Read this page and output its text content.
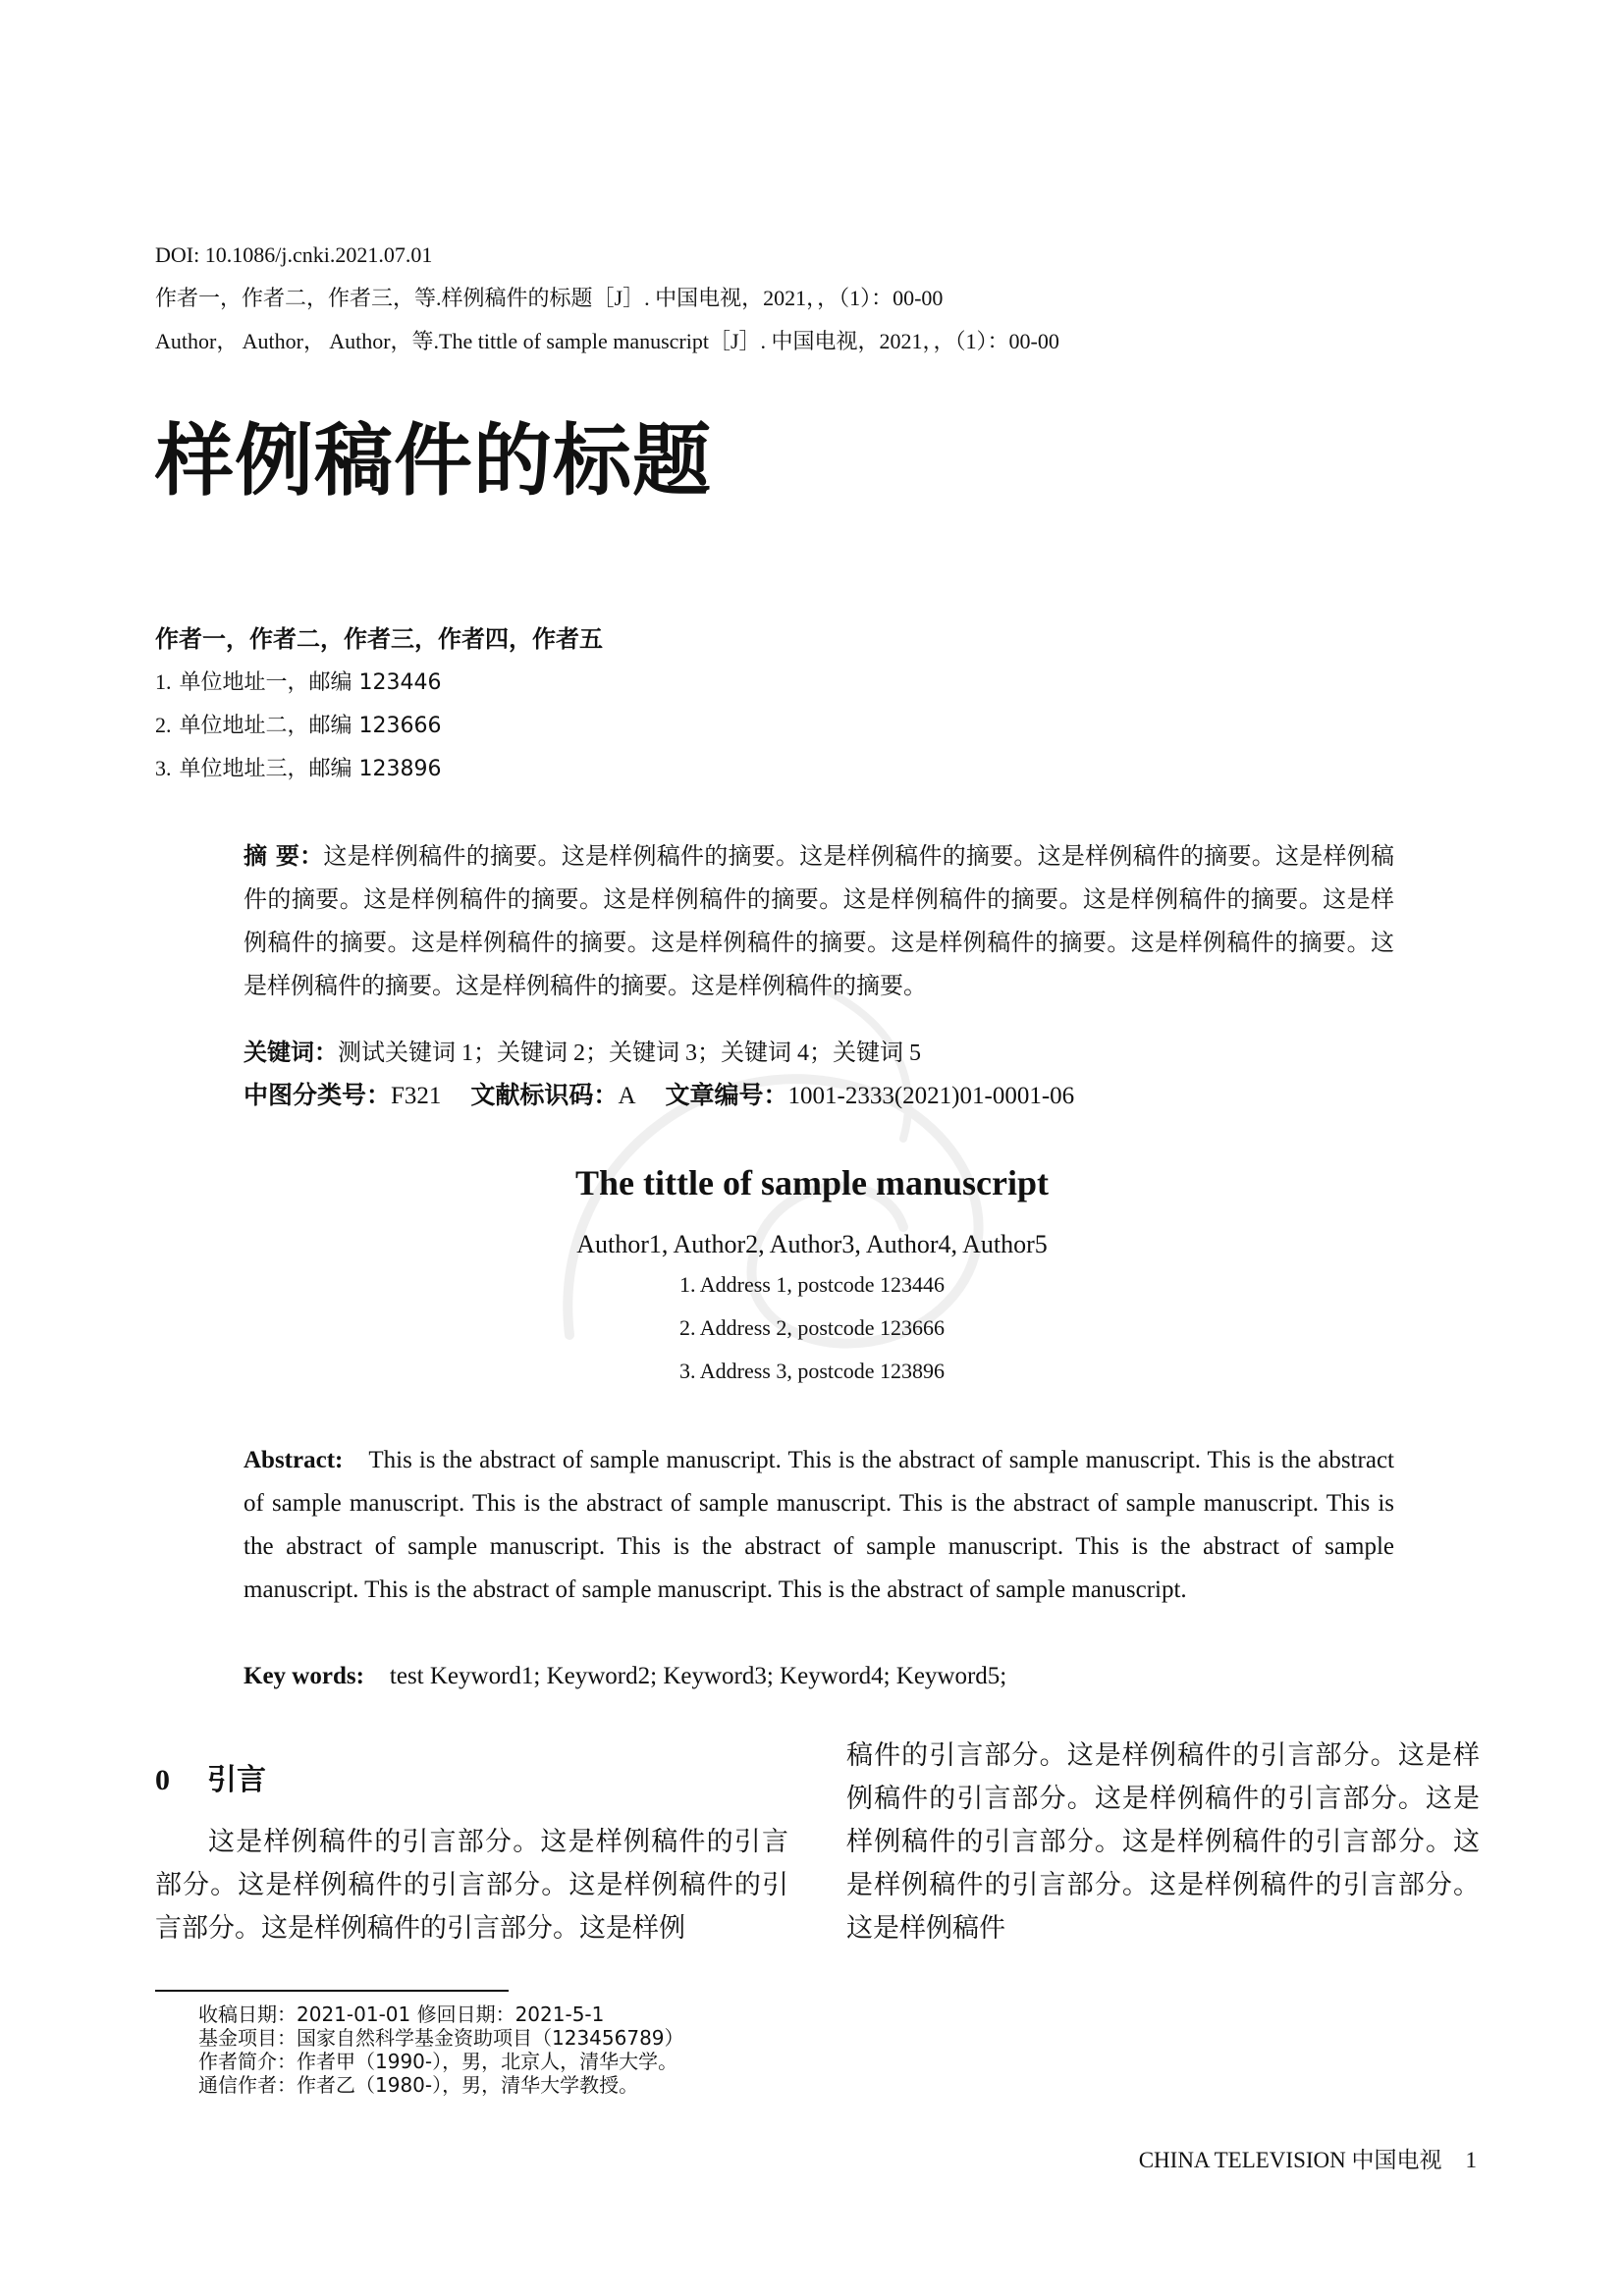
DOI: 10.1086/j.cnki.2021.07.01
作者一，作者二，作者三，等.样例稿件的标题［J］. 中国电视，2021，，（1）：00-00
Author， Author， Author，等.The tittle of sample manuscript［J］. 中国电视，2021，，（1）：00-00
样例稿件的标题
作者一，作者二，作者三，作者四，作者五
1. 单位地址一，邮编 123446
2. 单位地址二，邮编 123666
3. 单位地址三，邮编 123896
摘 要：这是样例稿件的摘要。这是样例稿件的摘要。这是样例稿件的摘要。这是样例稿件的摘要。这是样例稿件的摘要。这是样例稿件的摘要。这是样例稿件的摘要。这是样例稿件的摘要。这是样例稿件的摘要。这是样例稿件的摘要。这是样例稿件的摘要。这是样例稿件的摘要。这是样例稿件的摘要。这是样例稿件的摘要。这是样例稿件的摘要。这是样例稿件的摘要。这是样例稿件的摘要。
关键词：测试关键词 1；关键词 2；关键词 3；关键词 4；关键词 5
中图分类号：F321 文献标识码：A 文章编号：1001-2333(2021)01-0001-06
The tittle of sample manuscript
Author1, Author2, Author3, Author4, Author5
1. Address 1, postcode 123446
2. Address 2, postcode 123666
3. Address 3, postcode 123896
Abstract: This is the abstract of sample manuscript. This is the abstract of sample manuscript. This is the abstract of sample manuscript. This is the abstract of sample manuscript. This is the abstract of sample manuscript. This is the abstract of sample manuscript. This is the abstract of sample manuscript. This is the abstract of sample manuscript. This is the abstract of sample manuscript. This is the abstract of sample manuscript.
Key words: test Keyword1; Keyword2; Keyword3; Keyword4; Keyword5;
0 引言
这是样例稿件的引言部分。这是样例稿件的引言部分。这是样例稿件的引言部分。这是样例稿件的引言部分。这是样例稿件的引言部分。这是样例
稿件的引言部分。这是样例稿件的引言部分。这是样例稿件的引言部分。这是样例稿件的引言部分。这是样例稿件的引言部分。这是样例稿件的引言部分。这是样例稿件的引言部分。这是样例稿件的引言部分。这是样例稿件
收稿日期：2021-01-01 修回日期：2021-5-1
基金项目：国家自然科学基金资助项目（123456789）
作者简介：作者甲（1990-），男，北京人，清华大学。
通信作者：作者乙（1980-），男，清华大学教授。
CHINA TELEVISION 中国电视 1
